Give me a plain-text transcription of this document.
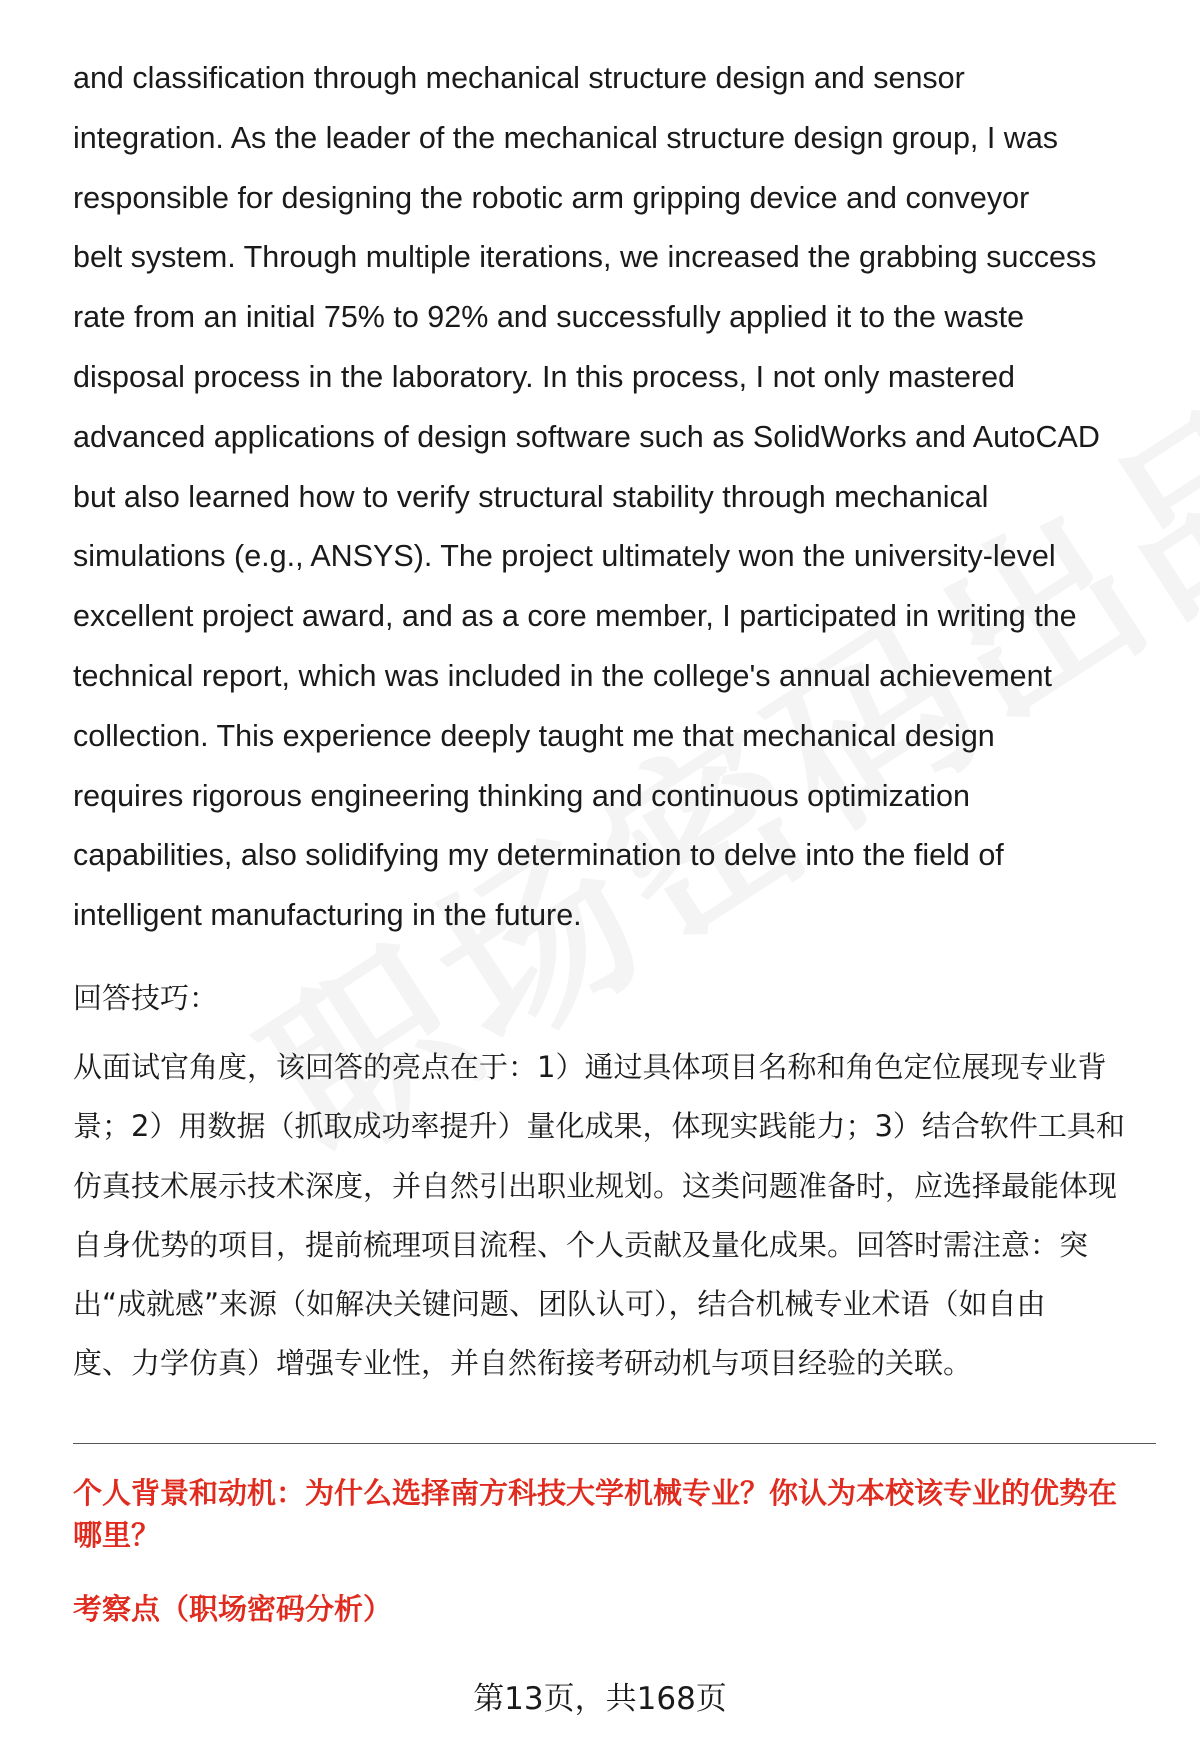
and classification through mechanical structure design and sensor
integration. As the leader of the mechanical structure design group, I was
responsible for designing the robotic arm gripping device and conveyor
belt system. Through multiple iterations, we increased the grabbing success
rate from an initial 75% to 92% and successfully applied it to the waste
disposal process in the laboratory. In this process, I not only mastered
advanced applications of design software such as SolidWorks and AutoCAD
but also learned how to verify structural stability through mechanical
simulations (e.g., ANSYS). The project ultimately won the university-level
excellent project award, and as a core member, I participated in writing the
technical report, which was included in the college's annual achievement
collection. This experience deeply taught me that mechanical design
requires rigorous engineering thinking and continuous optimization
capabilities, also solidifying my determination to delve into the field of
intelligent manufacturing in the future.
回答技巧：
从面试官角度，该回答的亮点在于：1）通过具体项目名称和角色定位展现专业背
景；2）用数据（抓取成功率提升）量化成果，体现实践能力；3）结合软件工具和
仿真技术展示技术深度，并自然引出职业规划。这类问题准备时，应选择最能体现
自身优势的项目，提前梳理项目流程、个人贡献及量化成果。回答时需注意：突
出“成就感”来源（如解决关键问题、团队认可），结合机械专业术语（如自由
度、力学仿真）增强专业性，并自然衔接考研动机与项目经验的关联。
个人背景和动机：为什么选择南方科技大学机械专业？你认为本校该专业的优势在
哪里？
考察点（职场密码分析）
第13页，共168页
